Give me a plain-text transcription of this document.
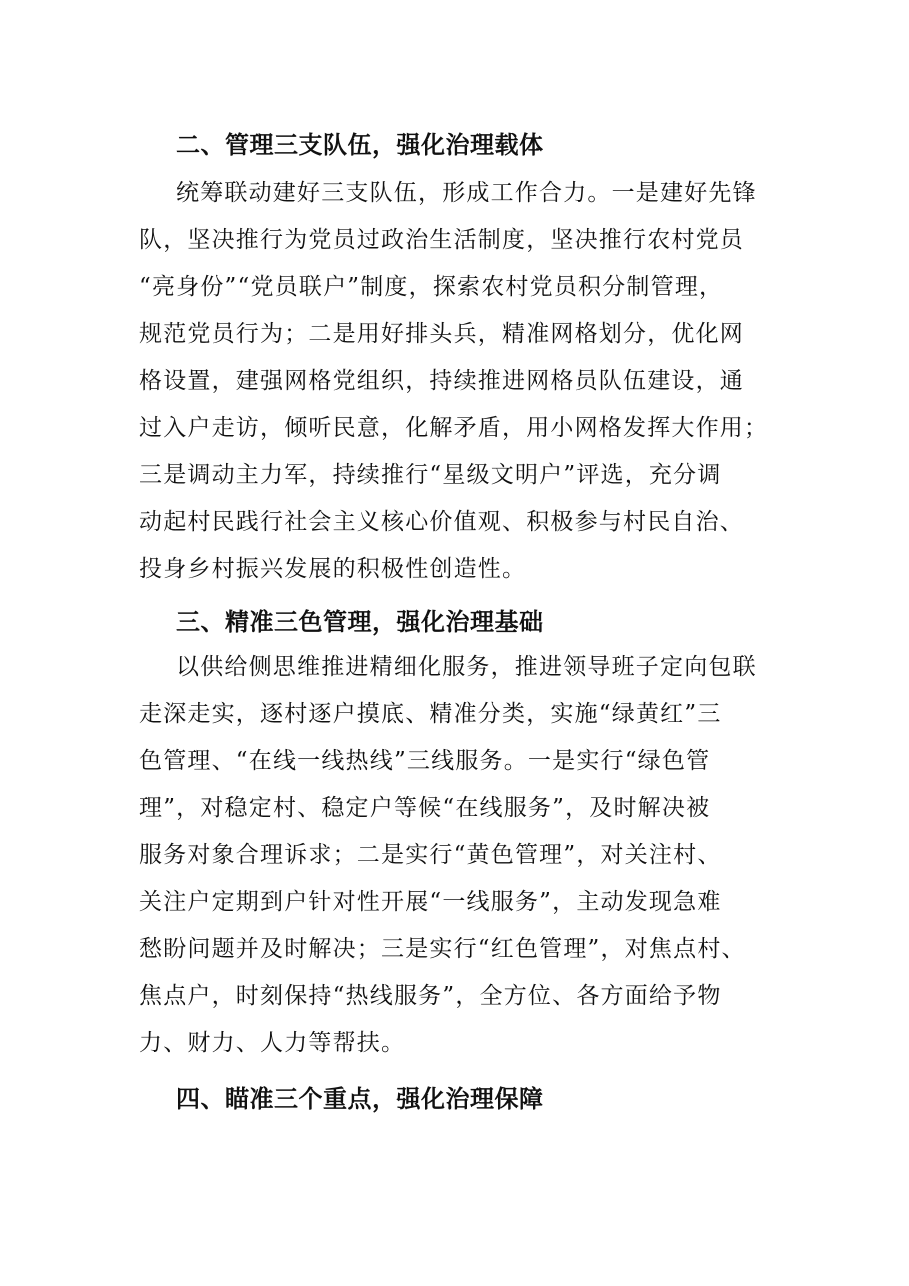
二、管理三支队伍，强化治理载体
统筹联动建好三支队伍，形成工作合力。一是建好先锋
队，坚决推行为党员过政治生活制度，坚决推行农村党员
“亮身份”“党员联户”制度，探索农村党员积分制管理，
规范党员行为；二是用好排头兵，精准网格划分，优化网
格设置，建强网格党组织，持续推进网格员队伍建设，通
过入户走访，倾听民意，化解矛盾，用小网格发挥大作用；
三是调动主力军，持续推行“星级文明户”评选，充分调
动起村民践行社会主义核心价值观、积极参与村民自治、
投身乡村振兴发展的积极性创造性。
三、精准三色管理，强化治理基础
以供给侧思维推进精细化服务，推进领导班子定向包联
走深走实，逐村逐户摸底、精准分类，实施“绿黄红”三
色管理、“在线一线热线”三线服务。一是实行“绿色管
理”，对稳定村、稳定户等候“在线服务”，及时解决被
服务对象合理诉求；二是实行“黄色管理”，对关注村、
关注户定期到户针对性开展“一线服务”，主动发现急难
愁盼问题并及时解决；三是实行“红色管理”，对焦点村、
焦点户，时刻保持“热线服务”，全方位、各方面给予物
力、财力、人力等帮扶。
四、瞄准三个重点，强化治理保障
